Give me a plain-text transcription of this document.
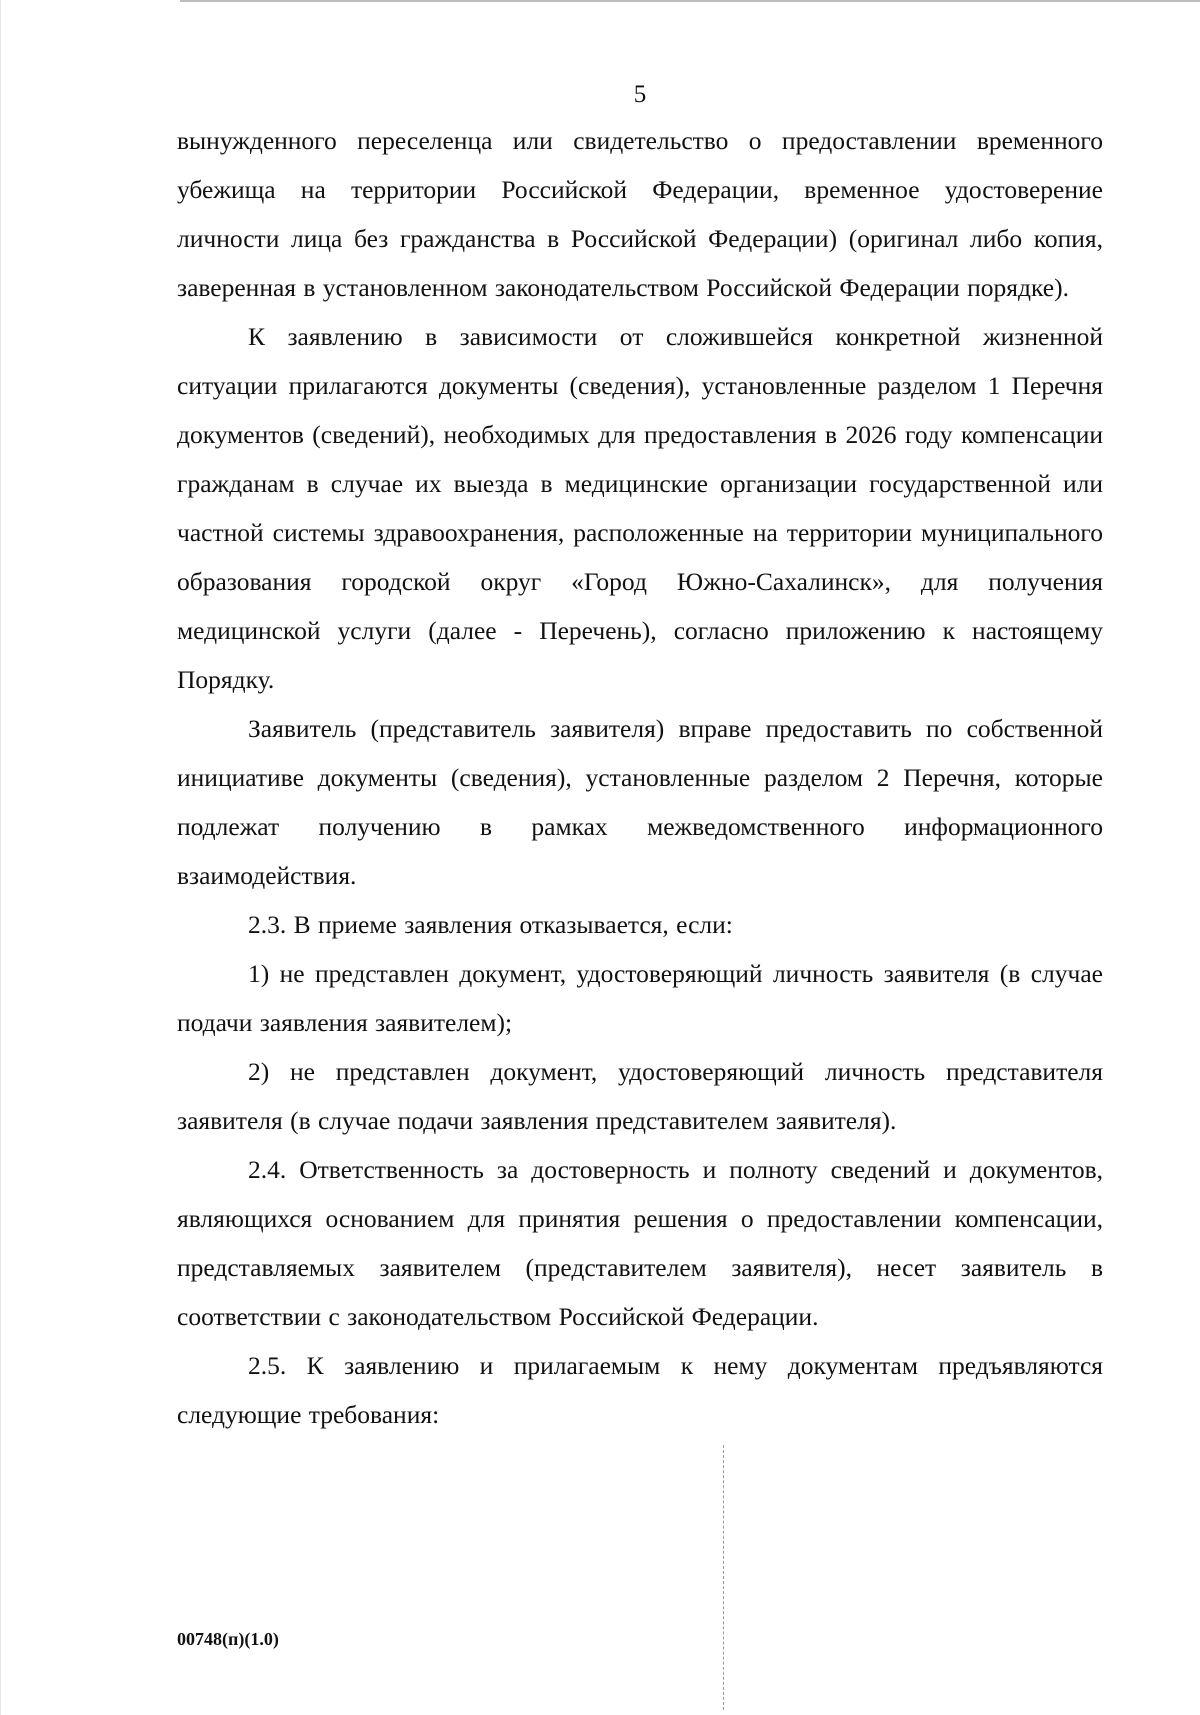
5

вынужденного переселенца или свидетельство о предоставлении временного убежища на территории Российской Федерации, временное удостоверение личности лица без гражданства в Российской Федерации) (оригинал либо копия, заверенная в установленном законодательством Российской Федерации порядке).

К заявлению в зависимости от сложившейся конкретной жизненной ситуации прилагаются документы (сведения), установленные разделом 1 Перечня документов (сведений), необходимых для предоставления в 2026 году компенсации гражданам в случае их выезда в медицинские организации государственной или частной системы здравоохранения, расположенные на территории муниципального образования городской округ «Город Южно-Сахалинск», для получения медицинской услуги (далее - Перечень), согласно приложению к настоящему Порядку.

Заявитель (представитель заявителя) вправе предоставить по собственной инициативе документы (сведения), установленные разделом 2 Перечня, которые подлежат получению в рамках межведомственного информационного взаимодействия.

2.3. В приеме заявления отказывается, если:

1) не представлен документ, удостоверяющий личность заявителя (в случае подачи заявления заявителем);

2) не представлен документ, удостоверяющий личность представителя заявителя (в случае подачи заявления представителем заявителя).

2.4. Ответственность за достоверность и полноту сведений и документов, являющихся основанием для принятия решения о предоставлении компенсации, представляемых заявителем (представителем заявителя), несет заявитель в соответствии с законодательством Российской Федерации.

2.5. К заявлению и прилагаемым к нему документам предъявляются следующие требования:

00748(п)(1.0)
